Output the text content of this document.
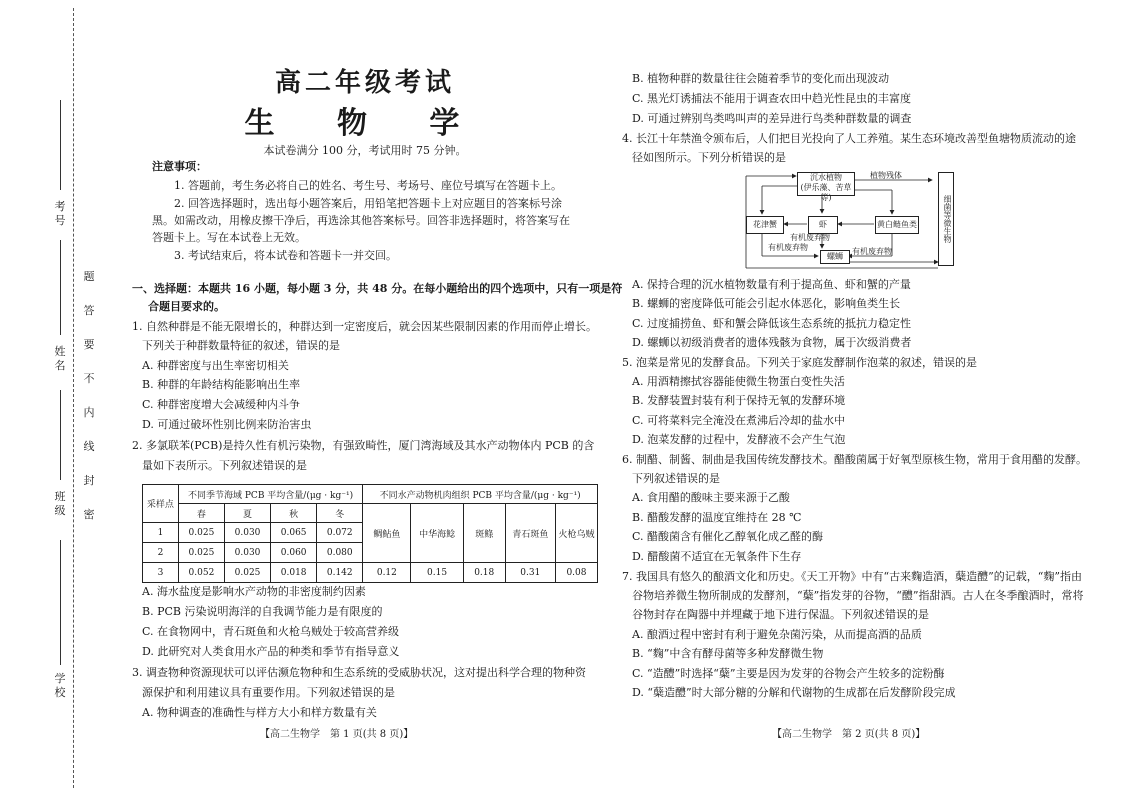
考号
姓名
班级
学校
题
答
要
不
内
线
封
密
高二年级考试
生 物 学
本试卷满分 100 分，考试用时 75 分钟。
注意事项：
1. 答题前，考生务必将自己的姓名、考生号、考场号、座位号填写在答题卡上。
2. 回答选择题时，选出每小题答案后，用铅笔把答题卡上对应题目的答案标号涂
黑。如需改动，用橡皮擦干净后，再选涂其他答案标号。回答非选择题时，将答案写在
答题卡上。写在本试卷上无效。
3. 考试结束后，将本试卷和答题卡一并交回。
一、选择题：本题共 16 小题，每小题 3 分，共 48 分。在每小题给出的四个选项中，只有一项是符
合题目要求的。
1. 自然种群是不能无限增长的，种群达到一定密度后，就会因某些限制因素的作用而停止增长。
下列关于种群数量特征的叙述，错误的是
A. 种群密度与出生率密切相关
B. 种群的年龄结构能影响出生率
C. 种群密度增大会减缓种内斗争
D. 可通过破坏性别比例来防治害虫
2. 多氯联苯(PCB)是持久性有机污染物，有强致畸性，厦门湾海域及其水产动物体内 PCB 的含
量如下表所示。下列叙述错误的是
采样点	不同季节海域 PCB 平均含量/(μg · kg⁻¹)				不同水产动物机肉组织 PCB 平均含量/(μg · kg⁻¹)				
	春	夏	秋	冬	鲷鲇鱼	中华海鲶	斑鲦	青石斑鱼	火枪乌贼
1	0.025	0.030	0.065	0.072					
2	0.025	0.030	0.060	0.080					
3	0.052	0.025	0.018	0.142	0.12	0.15	0.18	0.31	0.08
A. 海水盐度是影响水产动物的非密度制约因素
B. PCB 污染说明海洋的自我调节能力是有限度的
C. 在食物网中，青石斑鱼和火枪乌贼处于较高营养级
D. 此研究对人类食用水产品的种类和季节有指导意义
3. 调查物种资源现状可以评估濒危物种和生态系统的受威胁状况，这对提出科学合理的物种资
源保护和利用建议具有重要作用。下列叙述错误的是
A. 物种调查的准确性与样方大小和样方数量有关
【高二生物学　第 1 页(共 8 页)】
B. 植物种群的数量往往会随着季节的变化而出现波动
C. 黑光灯诱捕法不能用于调查农田中趋光性昆虫的丰富度
D. 可通过辨别鸟类鸣叫声的差异进行鸟类种群数量的调查
4. 长江十年禁渔令颁布后，人们把目光投向了人工养殖。某生态环境改善型鱼塘物质流动的途
径如图所示。下列分析错误的是
沉水植物
(伊乐藻、苦草等)	细菌等微生物
花津蟹	虾	黄白鲢鱼类
螺蛳
植物残体
有机废弃物
有机废弃物
有机废弃物
A. 保持合理的沉水植物数量有利于提高鱼、虾和蟹的产量
B. 螺蛳的密度降低可能会引起水体恶化，影响鱼类生长
C. 过度捕捞鱼、虾和蟹会降低该生态系统的抵抗力稳定性
D. 螺蛳以初级消费者的遗体残骸为食物，属于次级消费者
5. 泡菜是常见的发酵食品。下列关于家庭发酵制作泡菜的叙述，错误的是
A. 用酒精擦拭容器能使微生物蛋白变性失活
B. 发酵装置封装有利于保持无氧的发酵环境
C. 可将菜料完全淹没在煮沸后冷却的盐水中
D. 泡菜发酵的过程中，发酵液不会产生气泡
6. 制醋、制酱、制曲是我国传统发酵技术。醋酸菌属于好氧型原核生物，常用于食用醋的发酵。
下列叙述错误的是
A. 食用醋的酸味主要来源于乙酸
B. 醋酸发酵的温度宜维持在 28 ℃
C. 醋酸菌含有催化乙醇氧化成乙醛的酶
D. 醋酸菌不适宜在无氧条件下生存
7. 我国具有悠久的酿酒文化和历史。《天工开物》中有“古来麴造酒，蘖造醴”的记载，“麴”指由
谷物培养微生物所制成的发酵剂，“蘖”指发芽的谷物，“醴”指甜酒。古人在冬季酿酒时，常将
谷物封存在陶器中并埋藏于地下进行保温。下列叙述错误的是
A. 酿酒过程中密封有利于避免杂菌污染，从而提高酒的品质
B. “麴”中含有酵母菌等多种发酵微生物
C. “造醴”时选择“蘖”主要是因为发芽的谷物会产生较多的淀粉酶
D. “蘖造醴”时大部分糖的分解和代谢物的生成都在后发酵阶段完成
【高二生物学　第 2 页(共 8 页)】
